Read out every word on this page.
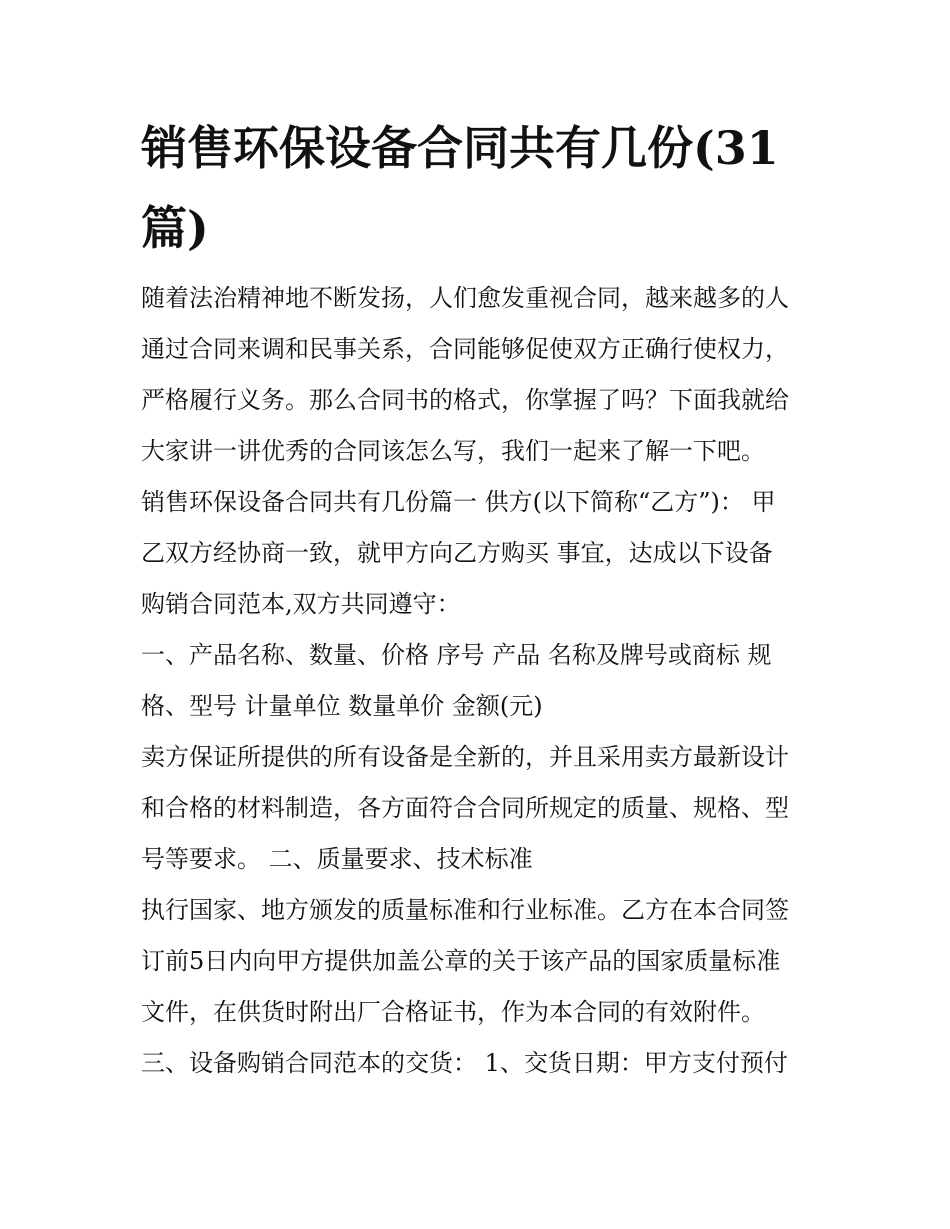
销售环保设备合同共有几份(31篇)
随着法治精神地不断发扬，人们愈发重视合同，越来越多的人
通过合同来调和民事关系，合同能够促使双方正确行使权力，
严格履行义务。那么合同书的格式，你掌握了吗？下面我就给
大家讲一讲优秀的合同该怎么写，我们一起来了解一下吧。
销售环保设备合同共有几份篇一 供方(以下简称“乙方”)： 甲
乙双方经协商一致，就甲方向乙方购买 事宜，达成以下设备
购销合同范本,双方共同遵守：
一、产品名称、数量、价格 序号 产品 名称及牌号或商标 规
格、型号 计量单位 数量单价 金额(元)
卖方保证所提供的所有设备是全新的，并且采用卖方最新设计
和合格的材料制造，各方面符合合同所规定的质量、规格、型
号等要求。 二、质量要求、技术标准
执行国家、地方颁发的质量标准和行业标准。乙方在本合同签
订前5日内向甲方提供加盖公章的关于该产品的国家质量标准
文件，在供货时附出厂合格证书，作为本合同的有效附件。
三、设备购销合同范本的交货： 1、交货日期：甲方支付预付
